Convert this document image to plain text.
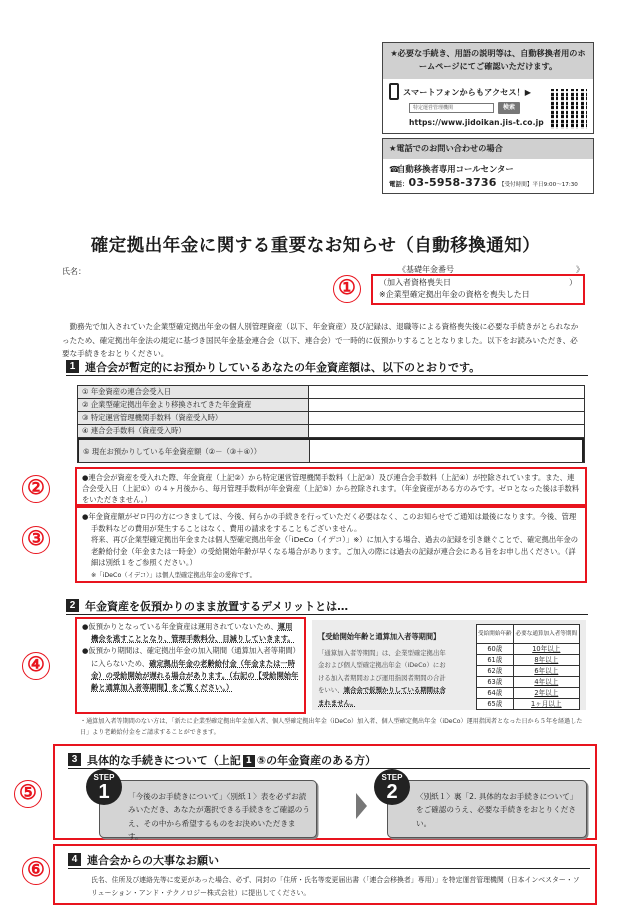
★必要な手続き、用語の説明等は、自動移換者用のホームページにてご確認いただけます。
スマートフォンからもアクセス！▶
特定運営管理機関	検索
https://www.jidoikan.jis-t.co.jp
★電話でのお問い合わせの場合
☎自動移換者専用コールセンター
電話：03-5958-3736 【受付時間】平日9:00～17:30
確定拠出年金に関する重要なお知らせ（自動移換通知）
氏名：	《基礎年金番号	》
（加入者資格喪失日	）
※企業型確定拠出年金の資格を喪失した日
①
勤務先で加入されていた企業型確定拠出年金の個人別管理資産（以下、年金資産）及び記録は、退職等による資格喪失後に必要な手続きがとられなかったため、確定拠出年金法の規定に基づき国民年金基金連合会（以下、連合会）で一時的に仮預かりすることとなりました。以下をお読みいただき、必要な手続きをおとりください。
1 連合会が暫定的にお預かりしているあなたの年金資産額は、以下のとおりです。
① 年金資産の連合会受入日
② 企業型確定拠出年金より移換されてきた年金資産
③ 特定運営管理機関手数料（資産受入時）
④ 連合会手数料（資産受入時）
⑤ 現在お預かりしている年金資産額（②－（③＋④））
●連合会が資産を受入れた際、年金資産（上記②）から特定運営管理機関手数料（上記③）及び連合会手数料（上記④）が控除されています。また、連合会受入日（上記①）の４ヶ月後から、毎月管理手数料が年金資産（上記⑤）から控除されます。（年金資産がある方のみです。ゼロとなった後は手数料をいただきません。）
②
●年金資産額がゼロ円の方につきましては、今後、何らかの手続きを行っていただく必要はなく、このお知らせでご通知は最後になります。今後、管理手数料などの費用が発生することはなく、費用の請求をすることもございません。
将来、再び企業型確定拠出年金または個人型確定拠出年金（「iDeCo（イデコ）」※）に加入する場合、過去の記録を引き継ぐことで、確定拠出年金の老齢給付金（年金または一時金）の受給開始年齢が早くなる場合があります。ご加入の際には過去の記録が連合会にある旨をお申し出ください。（詳細は別紙１をご参照ください。）
※「iDeCo（イデコ）」は個人型確定拠出年金の愛称です。
③
2 年金資産を仮預かりのまま放置するデメリットとは…
●仮預かりとなっている年金資産は運用されていないため、運用機会を逃すこととなり、管理手数料分、目減りしていきます。
●仮預かり期間は、確定拠出年金の加入期間（通算加入者等期間）に入らないため、確定拠出年金の老齢給付金（年金または一時金）の受給開始が遅れる場合があります。（右記の【受給開始年齢と通算加入者等期間】をご覧ください。）
④
【受給開始年齢と通算加入者等期間】
「通算加入者等期間」は、企業型確定拠出年金および個人型確定拠出年金（iDeCo）における加入者期間および運用指図者期間の合計をいい、連合会で仮預かりしている期間は含まれません。
受給開始年齢	必要な通算加入者等期間
60歳	10年以上
61歳	8年以上
62歳	6年以上
63歳	4年以上
64歳	2年以上
65歳	1ヶ月以上
・通算加入者等期間のない方は、「新たに企業型確定拠出年金加入者、個人型確定拠出年金（iDeCo）加入者、個人型確定拠出年金（iDeCo）運用指図者となった日から５年を経過した日」より老齢給付金をご請求することができます。
3 具体的な手続きについて（上記 1 ⑤の年金資産のある方）
STEP
1	「今後のお手続きについて」〈別紙１〉表を必ずお読みいただき、あなたが選択できる手続きをご確認のうえ、その中から希望するものをお決めいただきます。
STEP
2	〈別紙１〉裏「2. 具体的なお手続きについて」をご確認のうえ、必要な手続きをおとりください。
⑤
4 連合会からの大事なお願い
氏名、住所及び連絡先等に変更があった場合、必ず、同封の「住所・氏名等変更届出書（「連合会移換者」専用）」を特定運営管理機関（日本インベスター・ソリューション・アンド・テクノロジー株式会社）に提出してください。
⑥
